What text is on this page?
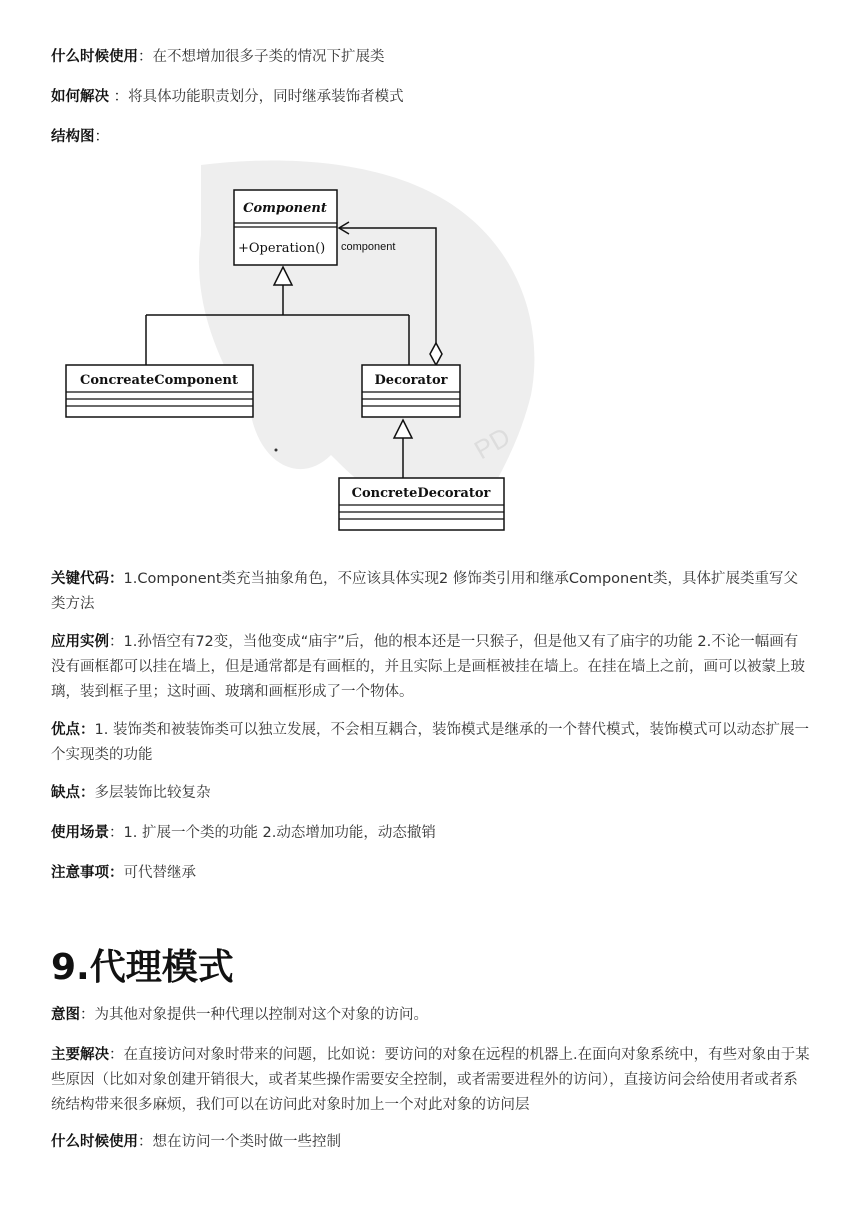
什么时候使用：在不想增加很多子类的情况下扩展类
如何解决 ：将具体功能职责划分，同时继承装饰者模式
结构图：
PD
Component
+Operation() component
ConcreateComponent	Decorator
ConcreteDecorator
关键代码：1.Component类充当抽象角色，不应该具体实现2 修饰类引用和继承Component类，具体扩展类重写父类方法
应用实例：1.孙悟空有72变，当他变成“庙宇”后，他的根本还是一只猴子，但是他又有了庙宇的功能 2.不论一幅画有没有画框都可以挂在墙上，但是通常都是有画框的，并且实际上是画框被挂在墙上。在挂在墙上之前，画可以被蒙上玻璃，装到框子里；这时画、玻璃和画框形成了一个物体。
优点：1. 装饰类和被装饰类可以独立发展，不会相互耦合，装饰模式是继承的一个替代模式，装饰模式可以动态扩展一个实现类的功能
缺点：多层装饰比较复杂
使用场景：1. 扩展一个类的功能 2.动态增加功能，动态撤销
注意事项：可代替继承
9.代理模式
意图：为其他对象提供一种代理以控制对这个对象的访问。
主要解决：在直接访问对象时带来的问题，比如说：要访问的对象在远程的机器上.在面向对象系统中，有些对象由于某些原因（比如对象创建开销很大，或者某些操作需要安全控制，或者需要进程外的访问），直接访问会给使用者或者系统结构带来很多麻烦，我们可以在访问此对象时加上一个对此对象的访问层
什么时候使用：想在访问一个类时做一些控制
